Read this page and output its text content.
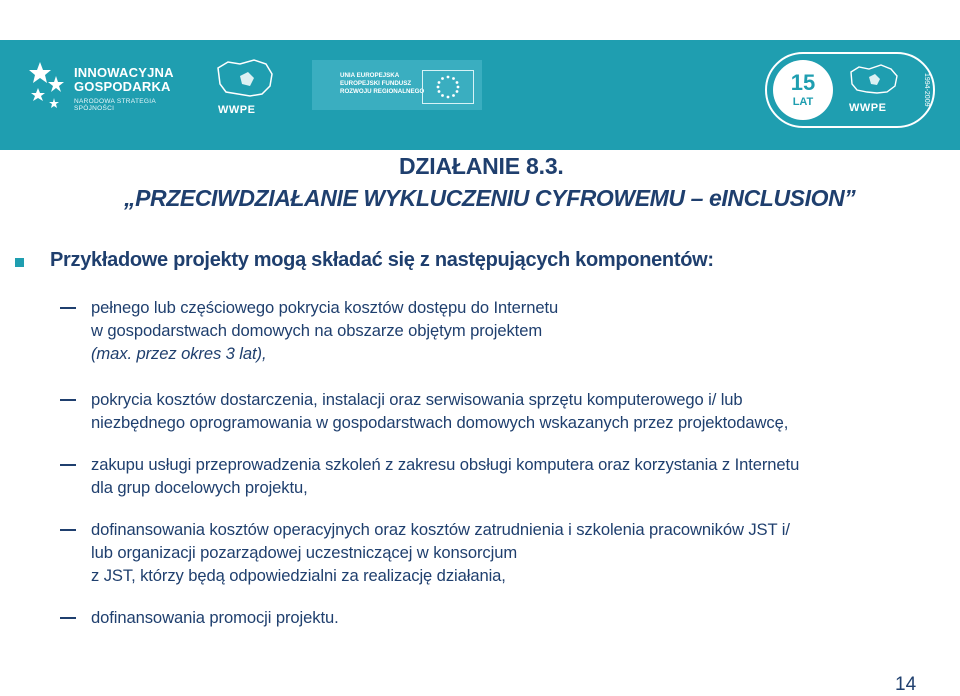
INNOWACYJNA
GOSPODARKA
NARODOWA STRATEGIA SPÓJNOŚCI	WWPE
UNIA EUROPEJSKA
EUROPEJSKI FUNDUSZ
ROZWOJU REGIONALNEGO	15
LAT	WWPE
1994-2009
DZIAŁANIE 8.3.
„PRZECIWDZIAŁANIE WYKLUCZENIU CYFROWEMU – eINCLUSION”
Przykładowe projekty mogą składać się z następujących komponentów:
pełnego lub częściowego pokrycia kosztów dostępu do Internetu
w gospodarstwach domowych na obszarze objętym projektem
(max. przez okres 3 lat),
pokrycia kosztów dostarczenia, instalacji oraz serwisowania sprzętu komputerowego i/ lub
niezbędnego oprogramowania w gospodarstwach domowych wskazanych przez projektodawcę,
zakupu usługi przeprowadzenia szkoleń z zakresu obsługi komputera oraz korzystania z Internetu
dla grup docelowych projektu,
dofinansowania kosztów operacyjnych oraz kosztów zatrudnienia i szkolenia pracowników JST i/
lub organizacji pozarządowej uczestniczącej w konsorcjum
z JST, którzy będą odpowiedzialni za realizację działania,
dofinansowania promocji projektu.
14
